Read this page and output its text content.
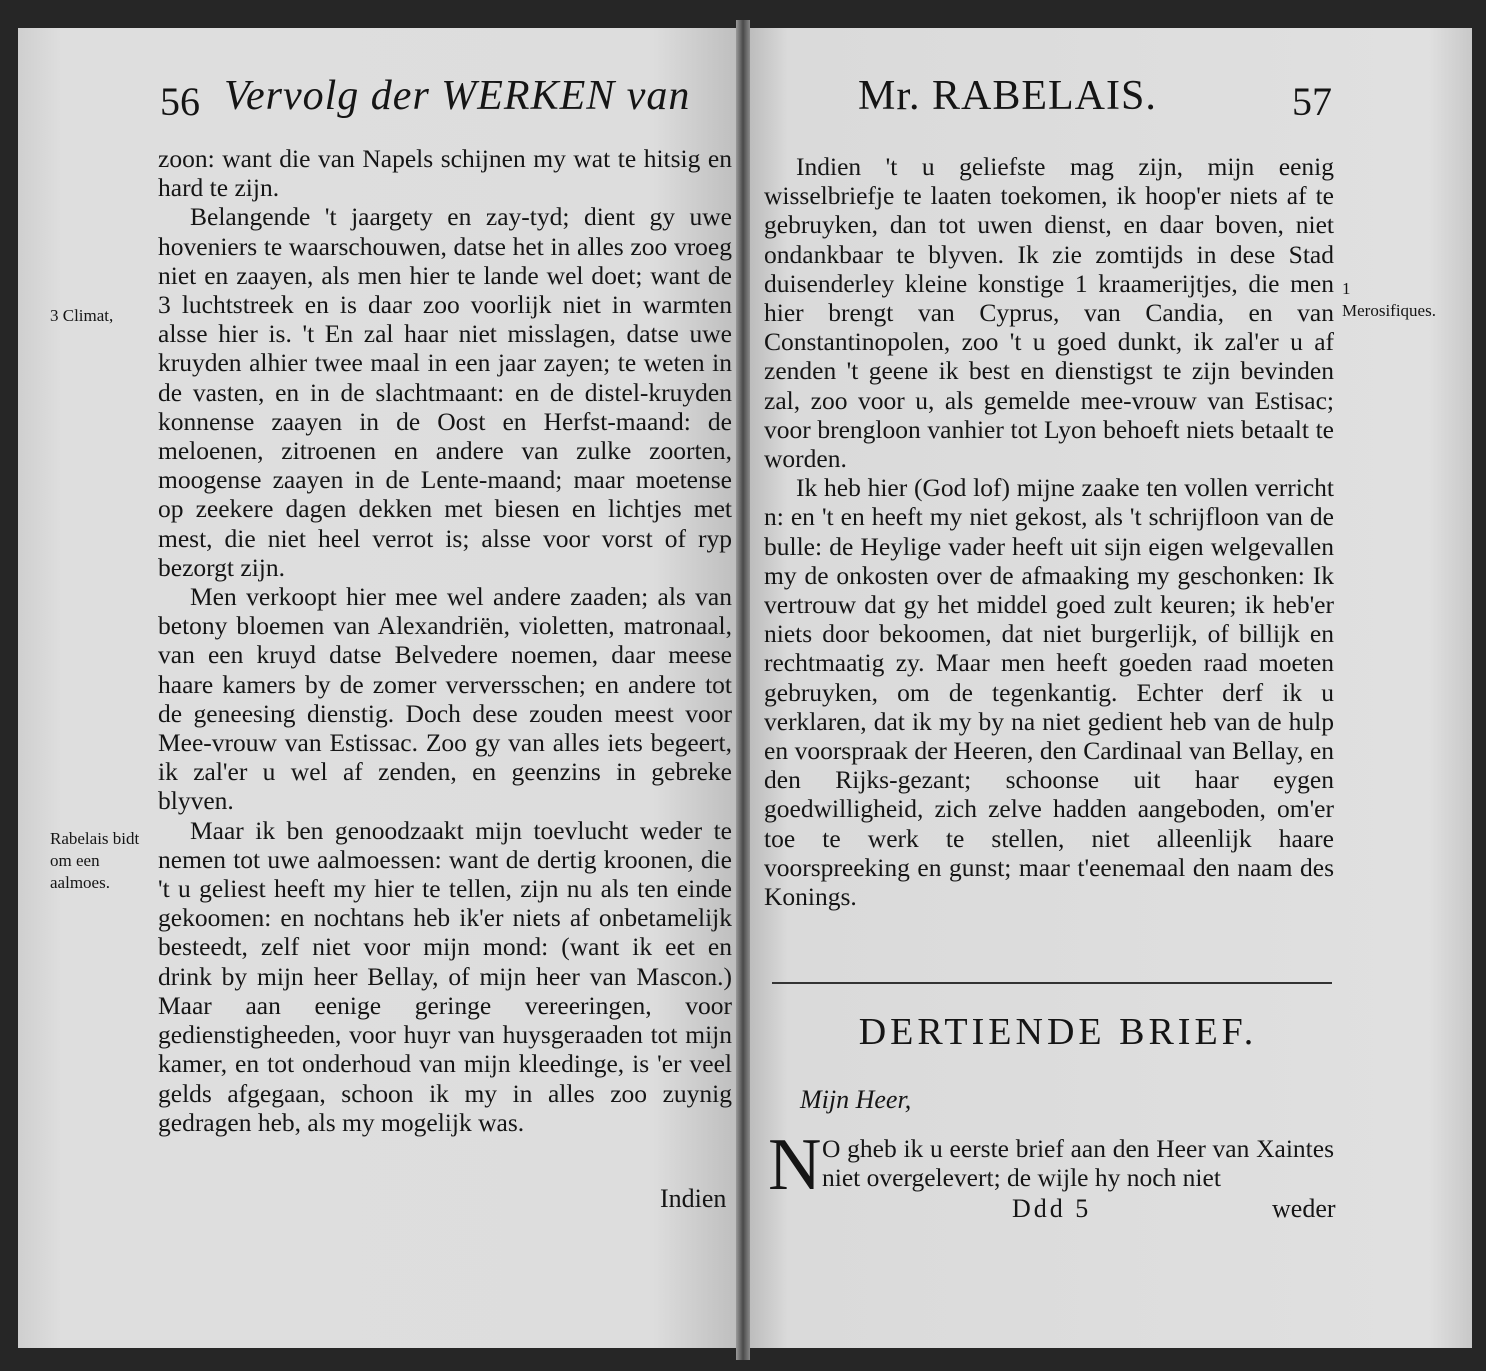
56 Vervolg der WERKEN van
3 Climat,
Rabelais bidt om een aalmoes.

zoon: want die van Napels schijnen my wat te hitsig en hard te zijn.

Belangende 't jaargety en zay-tyd; dient gy uwe hoveniers te waarschouwen, datse het in alles zoo vroeg niet en zaayen, als men hier te lande wel doet; want de 3 luchtstreek en is daar zoo voorlijk niet in warmten alsse hier is. 't En zal haar niet misslagen, datse uwe kruyden alhier twee maal in een jaar zayen; te weten in de vasten, en in de slachtmaant: en de distel-kruyden konnense zaayen in de Oost en Herfst-maand: de meloenen, zitroenen en andere van zulke zoorten, moogense zaayen in de Lente-maand; maar moetense op zeekere dagen dekken met biesen en lichtjes met mest, die niet heel verrot is; alsse voor vorst of ryp bezorgt zijn.

Men verkoopt hier mee wel andere zaaden; als van betony bloemen van Alexandriën, violetten, matronaal, van een kruyd datse Belvedere noemen, daar meese haare kamers by de zomer verversschen; en andere tot de geneesing dienstig. Doch dese zouden meest voor Mee-vrouw van Estissac. Zoo gy van alles iets begeert, ik zal'er u wel af zenden, en geenzins in gebreke blyven.

Maar ik ben genoodzaakt mijn toevlucht weder te nemen tot uwe aalmoessen: want de dertig kroonen, die 't u geliest heeft my hier te tellen, zijn nu als ten einde gekoomen: en nochtans heb ik'er niets af onbetamelijk besteedt, zelf niet voor mijn mond: (want ik eet en drink by mijn heer Bellay, of mijn heer van Mascon.) Maar aan eenige geringe vereeringen, voor gedienstigheeden, voor huyr van huysgeraaden tot mijn kamer, en tot onderhoud van mijn kleedinge, is 'er veel gelds afgegaan, schoon ik my in alles zoo zuynig gedragen heb, als my mogelijk was.

Indien
Mr. RABELAIS.	57
1 Merosifiques.

Indien 't u geliefste mag zijn, mijn eenig wisselbriefje te laaten toekomen, ik hoop'er niets af te gebruyken, dan tot uwen dienst, en daar boven, niet ondankbaar te blyven. Ik zie zomtijds in dese Stad duisenderley kleine konstige 1 kraamerijtjes, die men hier brengt van Cyprus, van Candia, en van Constantinopolen, zoo 't u goed dunkt, ik zal'er u af zenden 't geene ik best en dienstigst te zijn bevinden zal, zoo voor u, als gemelde mee-vrouw van Estisac; voor brengloon vanhier tot Lyon behoeft niets betaalt te worden.

Ik heb hier (God lof) mijne zaake ten vollen verricht n: en 't en heeft my niet gekost, als 't schrijfloon van de bulle: de Heylige vader heeft uit sijn eigen welgevallen my de onkosten over de afmaaking my geschonken: Ik vertrouw dat gy het middel goed zult keuren; ik heb'er niets door bekoomen, dat niet burgerlijk, of billijk en rechtmaatig zy. Maar men heeft goeden raad moeten gebruyken, om de tegenkantig. Echter derf ik u verklaren, dat ik my by na niet gedient heb van de hulp en voorspraak der Heeren, den Cardinaal van Bellay, en den Rijks-gezant; schoonse uit haar eygen goedwilligheid, zich zelve hadden aangeboden, om'er toe te werk te stellen, niet alleenlijk haare voorspreeking en gunst; maar t'eenemaal den naam des Konings.

DERTIENDE BRIEF.
Mijn Heer,
N O gheb ik u eerste brief aan den Heer van Xaintes niet overgelevert; de wijle hy noch niet

Ddd 5	weder
